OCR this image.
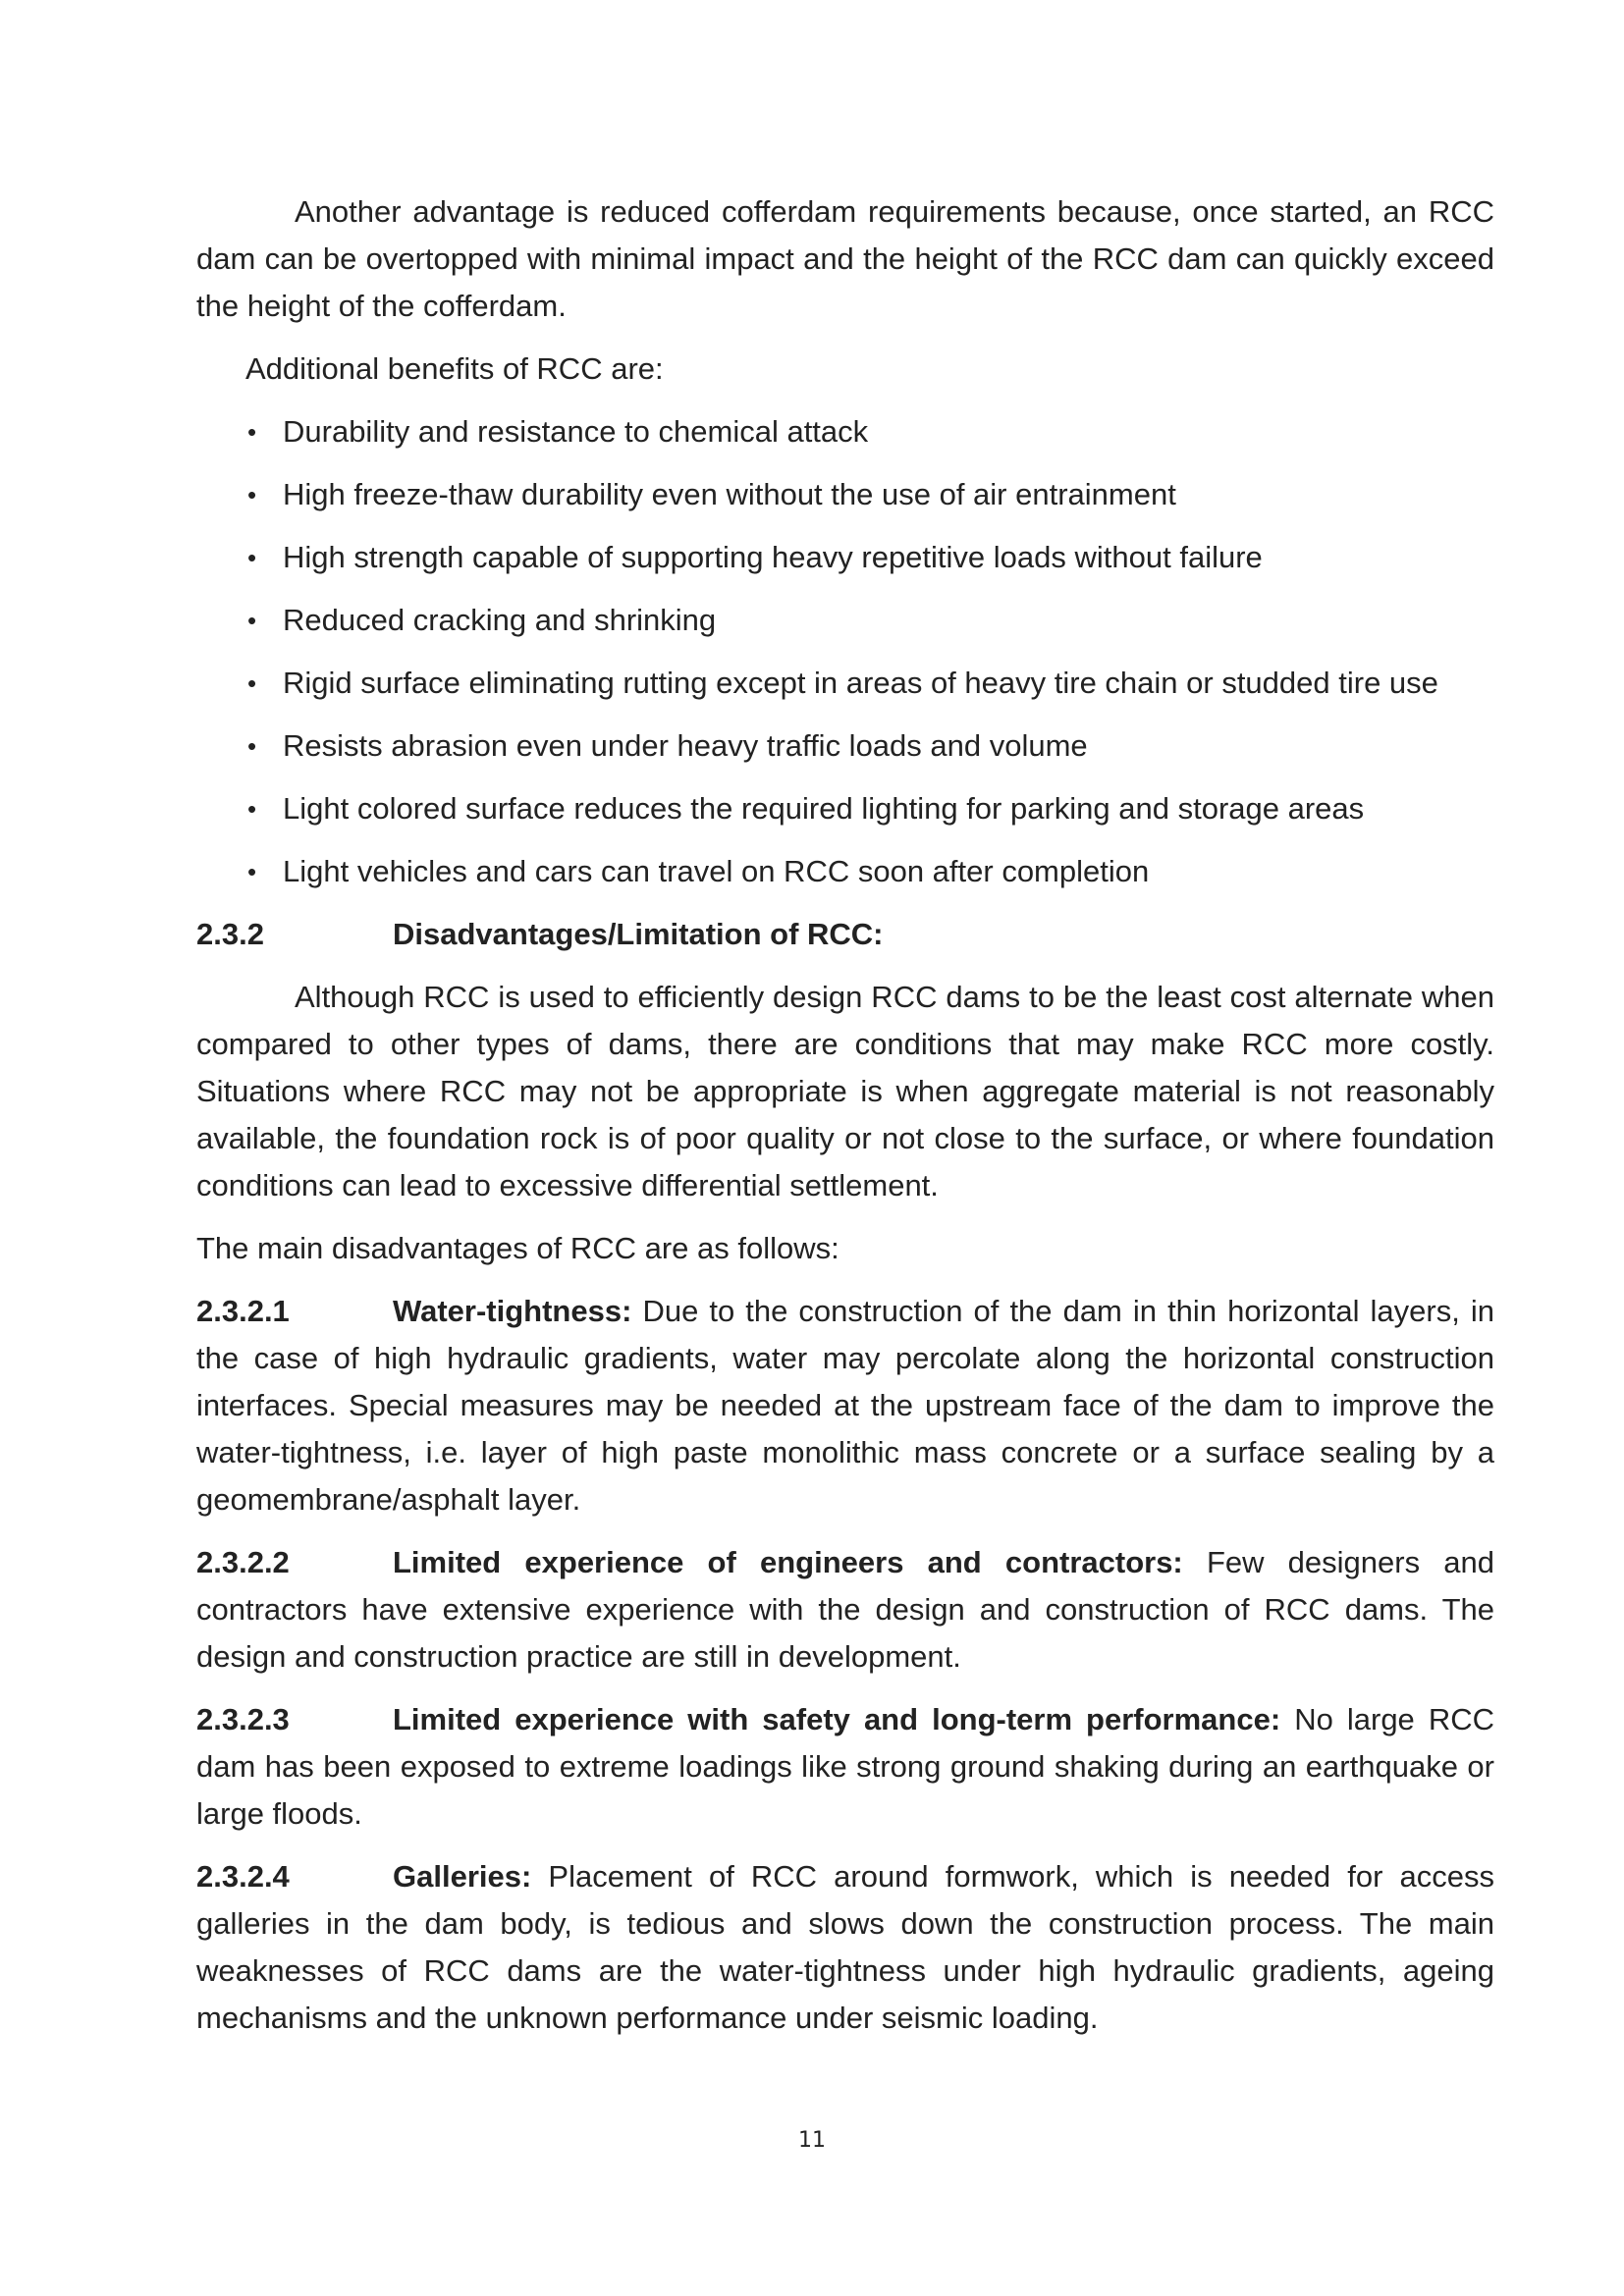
Another advantage is reduced cofferdam requirements because, once started, an RCC dam can be overtopped with minimal impact and the height of the RCC dam can quickly exceed the height of the cofferdam.

Additional benefits of RCC are:

• Durability and resistance to chemical attack
• High freeze-thaw durability even without the use of air entrainment
• High strength capable of supporting heavy repetitive loads without failure
• Reduced cracking and shrinking
• Rigid surface eliminating rutting except in areas of heavy tire chain or studded tire use
• Resists abrasion even under heavy traffic loads and volume
• Light colored surface reduces the required lighting for parking and storage areas
• Light vehicles and cars can travel on RCC soon after completion

2.3.2	Disadvantages/Limitation of RCC:

Although RCC is used to efficiently design RCC dams to be the least cost alternate when compared to other types of dams, there are conditions that may make RCC more costly. Situations where RCC may not be appropriate is when aggregate material is not reasonably available, the foundation rock is of poor quality or not close to the surface, or where foundation conditions can lead to excessive differential settlement.

The main disadvantages of RCC are as follows:

2.3.2.1	Water-tightness: Due to the construction of the dam in thin horizontal layers, in the case of high hydraulic gradients, water may percolate along the horizontal construction interfaces. Special measures may be needed at the upstream face of the dam to improve the water-tightness, i.e. layer of high paste monolithic mass concrete or a surface sealing by a geomembrane/asphalt layer.

2.3.2.2	Limited experience of engineers and contractors: Few designers and contractors have extensive experience with the design and construction of RCC dams. The design and construction practice are still in development.

2.3.2.3	Limited experience with safety and long-term performance: No large RCC dam has been exposed to extreme loadings like strong ground shaking during an earthquake or large floods.

2.3.2.4	Galleries: Placement of RCC around formwork, which is needed for access galleries in the dam body, is tedious and slows down the construction process. The main weaknesses of RCC dams are the water-tightness under high hydraulic gradients, ageing mechanisms and the unknown performance under seismic loading.

11
